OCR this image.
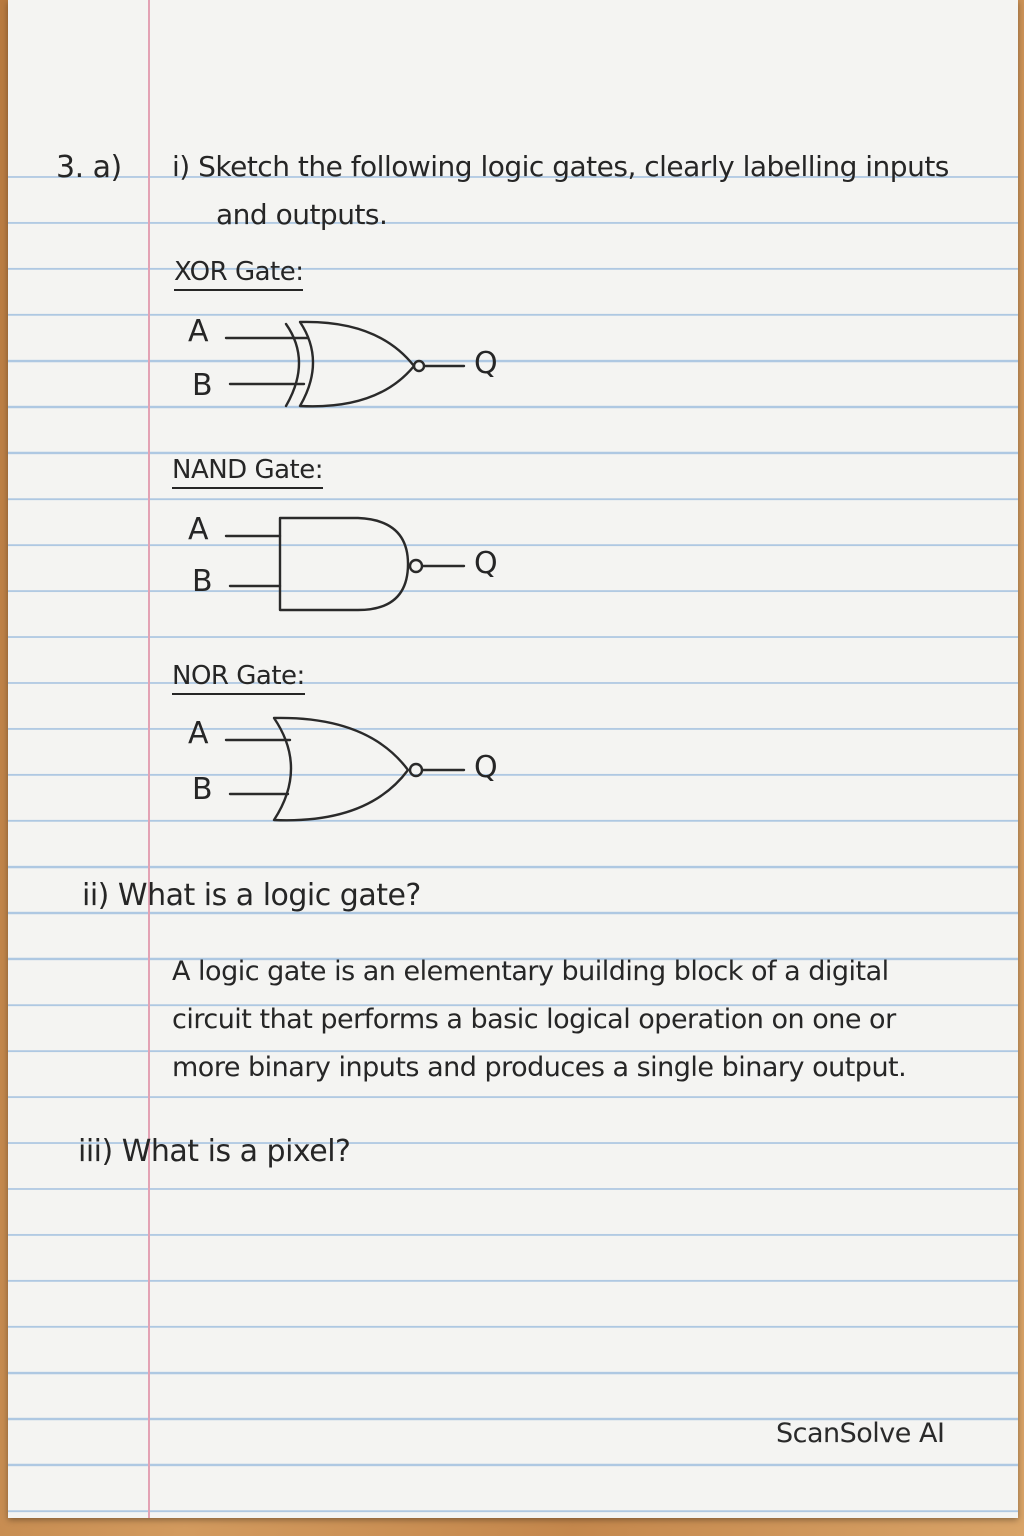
3. a) i) Sketch the following logic gates, clearly labelling inputs

and outputs.

XOR Gate:

A

B

Q

NAND Gate:

A

B

Q

NOR Gate:

A

B

Q

ii) What is a logic gate?

A logic gate is an elementary building block of a digital

circuit that performs a basic logical operation on one or

more binary inputs and produces a single binary output.

iii) What is a pixel?

ScanSolve AI
